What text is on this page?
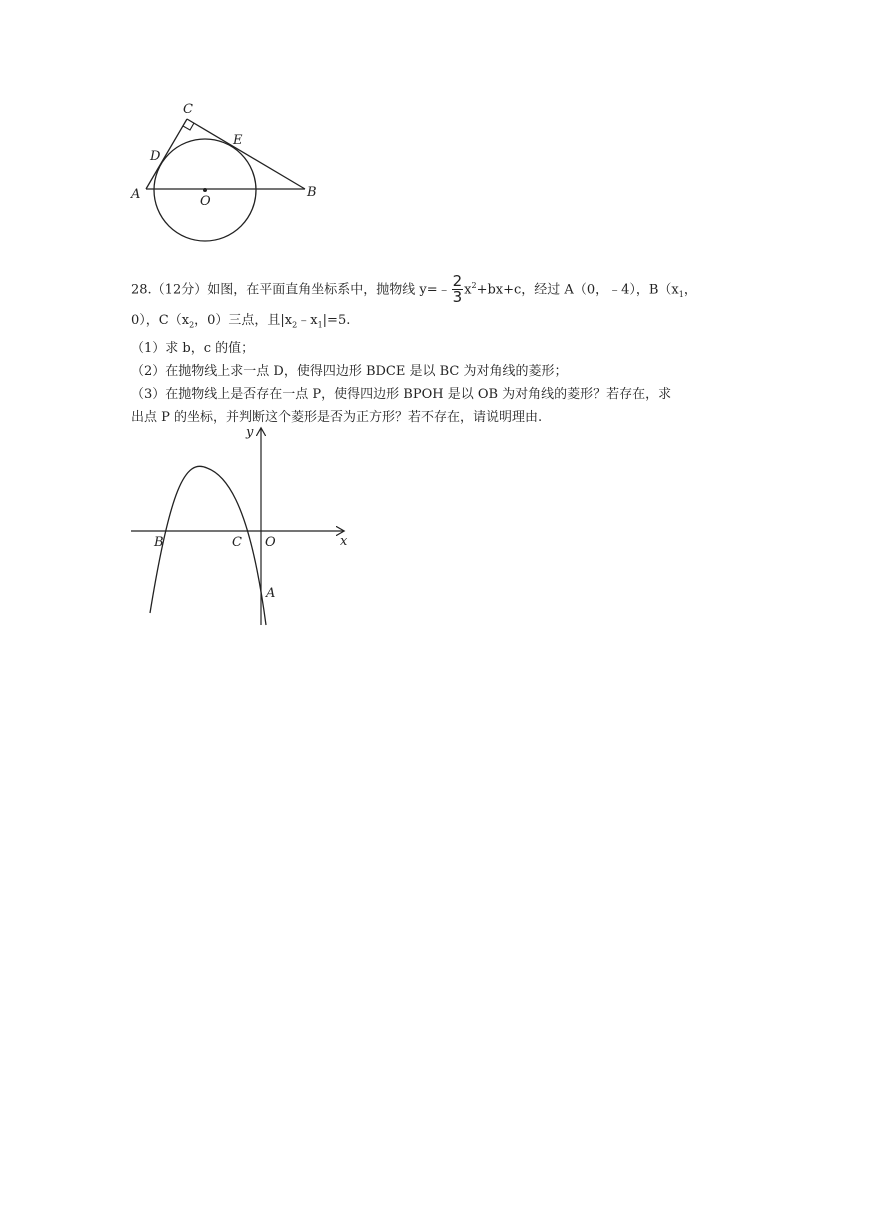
C
E
D
A	O
B
28.（12分）如图，在平面直角坐标系中，抛物线 y=﹣ $\frac{2}{3} x^2+bx+c$，经过 A（0，﹣4），$B(x_1$，
0），$C(x_2$，0）三点，且$|x_2﹣x_1|=5$.
（1）求 b，c 的值；
（2）在抛物线上求一点 D，使得四边形 BDCE 是以 BC 为对角线的菱形；
（3）在抛物线上是否存在一点 P，使得四边形 BPOH 是以 OB 为对角线的菱形？若存在，求
出点 P 的坐标，并判断这个菱形是否为正方形？若不存在，请说明理由.
y
x
B	C O
A
